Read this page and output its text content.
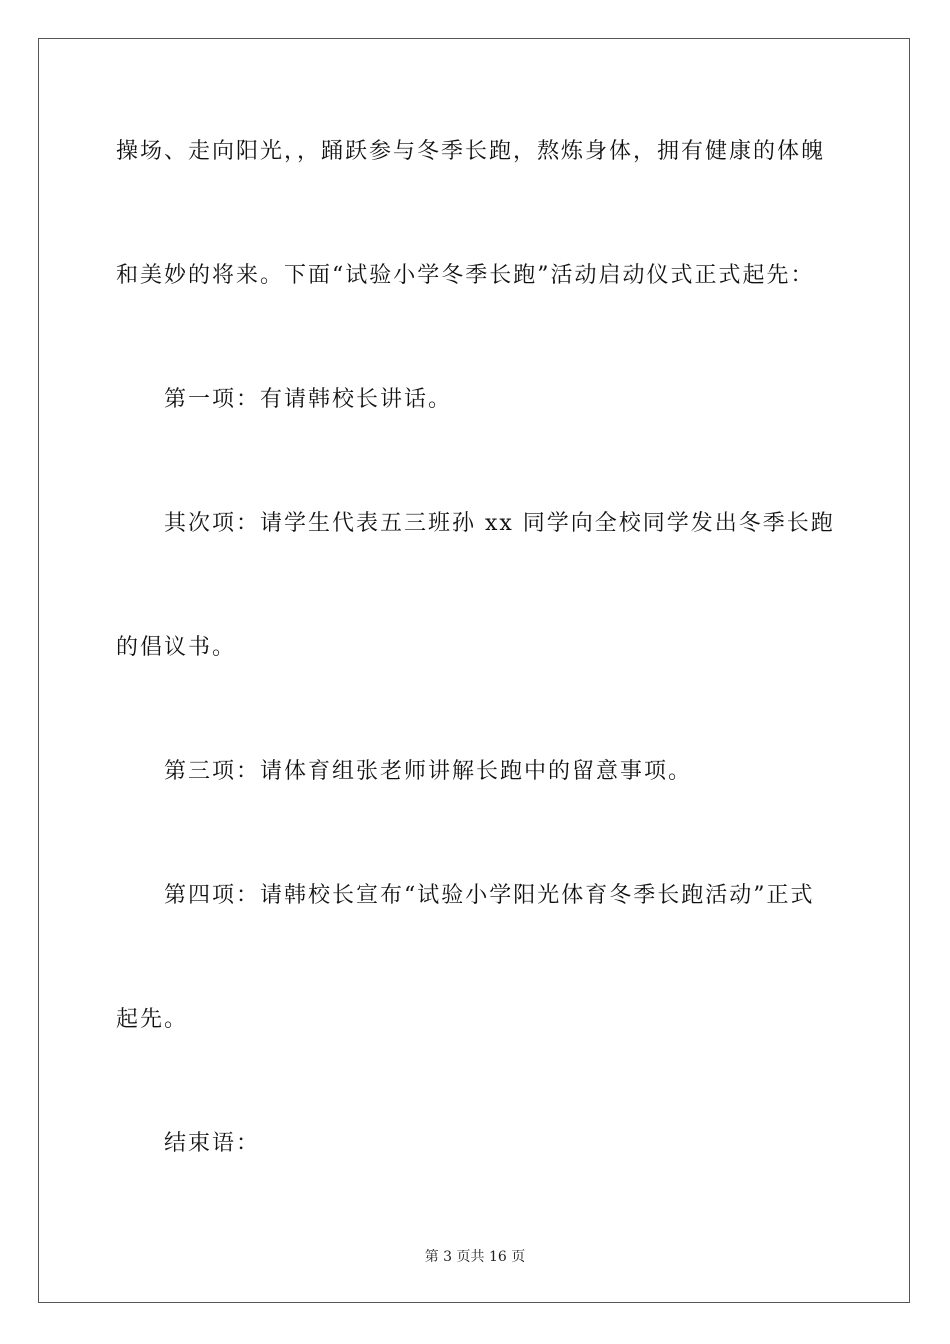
操场、走向阳光，，踊跃参与冬季长跑，熬炼身体，拥有健康的体魄
和美妙的将来。下面“试验小学冬季长跑”活动启动仪式正式起先：
第一项：有请韩校长讲话。
其次项：请学生代表五三班孙 xx 同学向全校同学发出冬季长跑
的倡议书。
第三项：请体育组张老师讲解长跑中的留意事项。
第四项：请韩校长宣布“试验小学阳光体育冬季长跑活动”正式
起先。
结束语：
第 3 页共 16 页
